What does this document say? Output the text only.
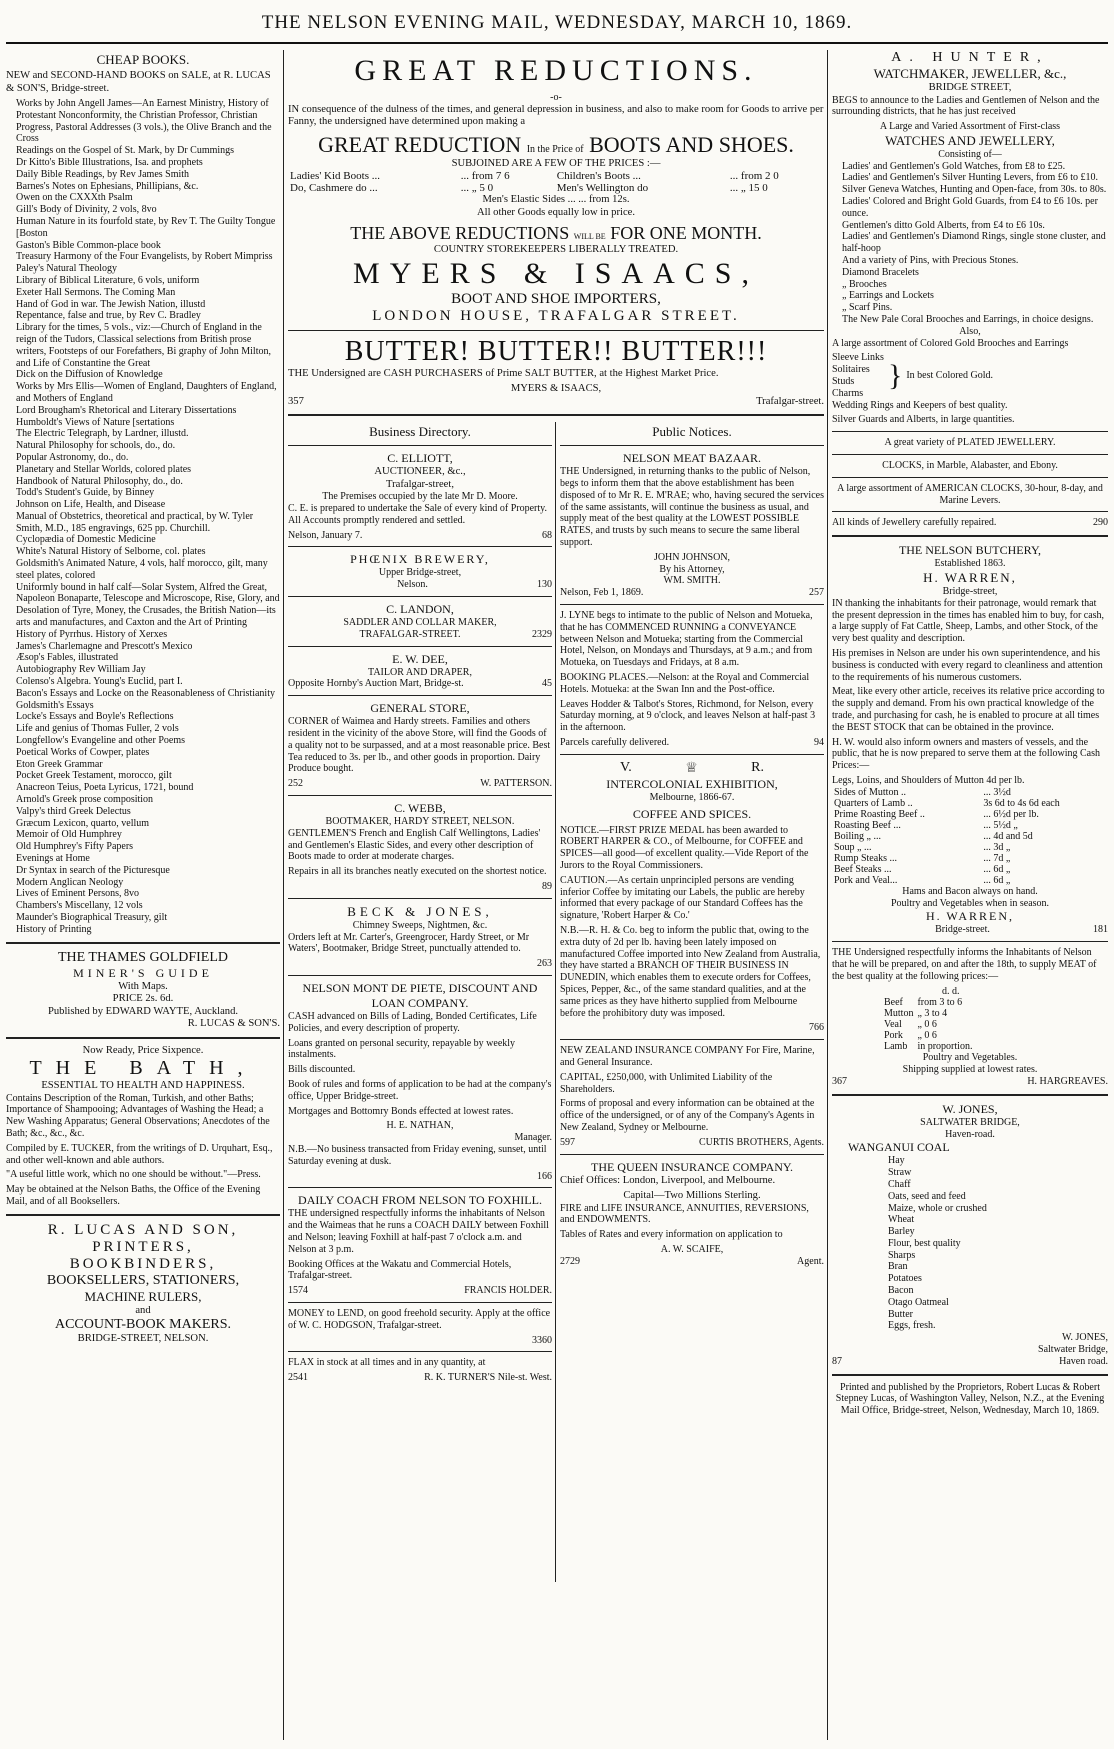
THE NELSON EVENING MAIL, WEDNESDAY, MARCH 10, 1869.
CHEAP BOOKS.

NEW and SECOND-HAND BOOKS on SALE, at R. LUCAS & SON'S, Bridge-street.

Works by John Angell James—An Earnest Ministry, History of Protestant Nonconformity, the Christian Professor, Christian Progress, Pastoral Addresses (3 vols.), the Olive Branch and the Cross
Readings on the Gospel of St. Mark, by Dr Cummings
Dr Kitto's Bible Illustrations, Isa. and prophets
Daily Bible Readings, by Rev James Smith
Barnes's Notes on Ephesians, Phillipians, &c.
Owen on the CXXXth Psalm
Gill's Body of Divinity, 2 vols, 8vo
Human Nature in its fourfold state, by Rev T. The Guilty Tongue [Boston
Gaston's Bible Common-place book
Treasury Harmony of the Four Evangelists, by Robert Mimpriss
Paley's Natural Theology
Library of Biblical Literature, 6 vols, uniform
Exeter Hall Sermons. The Coming Man
Hand of God in war. The Jewish Nation, illustd
Repentance, false and true, by Rev C. Bradley
Library for the times, 5 vols., viz:—Church of England in the reign of the Tudors, Classical selections from British prose writers, Footsteps of our Forefathers, Bi graphy of John Milton, and Life of Constantine the Great
Dick on the Diffusion of Knowledge
Works by Mrs Ellis—Women of England, Daughters of England, and Mothers of England
Lord Brougham's Rhetorical and Literary Dissertations
Humboldt's Views of Nature [sertations
The Electric Telegraph, by Lardner, illustd.
Natural Philosophy for schools, do., do.
Popular Astronomy, do., do.
Planetary and Stellar Worlds, colored plates
Handbook of Natural Philosophy, do., do.
Todd's Student's Guide, by Binney
Johnson on Life, Health, and Disease
Manual of Obstetrics, theoretical and practical, by W. Tyler Smith, M.D., 185 engravings, 625 pp. Churchill.
Cyclopædia of Domestic Medicine
White's Natural History of Selborne, col. plates
Goldsmith's Animated Nature, 4 vols, half morocco, gilt, many steel plates, colored
Uniformly bound in half calf—Solar System, Alfred the Great, Napoleon Bonaparte, Telescope and Microscope, Rise, Glory, and Desolation of Tyre, Money, the Crusades, the British Nation—its arts and manufactures, and Caxton and the Art of Printing
History of Pyrrhus. History of Xerxes
James's Charlemagne and Prescott's Mexico
Æsop's Fables, illustrated
Autobiography Rev William Jay
Colenso's Algebra. Young's Euclid, part I.
Bacon's Essays and Locke on the Reasonableness of Christianity
Goldsmith's Essays
Locke's Essays and Boyle's Reflections
Life and genius of Thomas Fuller, 2 vols
Longfellow's Evangeline and other Poems
Poetical Works of Cowper, plates
Eton Greek Grammar
Pocket Greek Testament, morocco, gilt
Anacreon Teius, Poeta Lyricus, 1721, bound
Arnold's Greek prose composition
Valpy's third Greek Delectus
Græcum Lexicon, quarto, vellum
Memoir of Old Humphrey
Old Humphrey's Fifty Papers
Evenings at Home
Dr Syntax in search of the Picturesque
Modern Anglican Neology
Lives of Eminent Persons, 8vo
Chambers's Miscellany, 12 vols
Maunder's Biographical Treasury, gilt
History of Printing
THE THAMES GOLDFIELD
MINER'S GUIDE
With Maps.
PRICE 2s. 6d.
Published by EDWARD WAYTE, Auckland.
R. LUCAS & SON'S.
Now Ready, Price Sixpence.
THE BATH,
ESSENTIAL TO HEALTH AND HAPPINESS.

Contains Description of the Roman, Turkish, and other Baths; Importance of Shampooing; Advantages of Washing the Head; a New Washing Apparatus; General Observations; Anecdotes of the Bath; &c., &c., &c.

Compiled by E. TUCKER, from the writings of D. Urquhart, Esq., and other well-known and able authors.

"A useful little work, which no one should be without."—Press.

May be obtained at the Nelson Baths, the Office of the Evening Mail, and of all Booksellers.

R. LUCAS AND SON,
PRINTERS,
BOOKBINDERS,
BOOKSELLERS, STATIONERS,
MACHINE RULERS,
and
ACCOUNT-BOOK MAKERS.
BRIDGE-STREET, NELSON.
GREAT REDUCTIONS.
-o-

IN consequence of the dulness of the times, and general depression in business, and also to make room for Goods to arrive per Fanny, the undersigned have determined upon making a

GREAT REDUCTION In the Price of BOOTS AND SHOES.
SUBJOINED ARE A FEW OF THE PRICES :—
Ladies' Kid Boots ...	... from 7 6	Children's Boots ...	... from 2 0
Do, Cashmere do ...	... „ 5 0	Men's Wellington do	... „ 15 0
Men's Elastic Sides ... ... from 12s.
All other Goods equally low in price.
THE ABOVE REDUCTIONS WILL BE FOR ONE MONTH.
COUNTRY STOREKEEPERS LIBERALLY TREATED.
MYERS & ISAACS,
BOOT AND SHOE IMPORTERS,
LONDON HOUSE, TRAFALGAR STREET.
BUTTER! BUTTER!! BUTTER!!!

THE Undersigned are CASH PURCHASERS of Prime SALT BUTTER, at the Highest Market Price.

MYERS & ISAACS,
357	Trafalgar-street.
Business Directory.
C. ELLIOTT,
AUCTIONEER, &c.,
Trafalgar-street,
The Premises occupied by the late Mr D. Moore.

C. E. is prepared to undertake the Sale of every kind of Property. All Accounts promptly rendered and settled.

Nelson, January 7.	68
PHŒNIX BREWERY,
Upper Bridge-street,
Nelson.	130
C. LANDON,
SADDLER AND COLLAR MAKER,
TRAFALGAR-STREET.	2329
E. W. DEE,
TAILOR AND DRAPER,
Opposite Hornby's Auction Mart, Bridge-st.	45
GENERAL STORE,

CORNER of Waimea and Hardy streets. Families and others resident in the vicinity of the above Store, will find the Goods of a quality not to be surpassed, and at a most reasonable price. Best Tea reduced to 3s. per lb., and other goods in proportion. Dairy Produce bought.

252	W. PATTERSON.
C. WEBB,
BOOTMAKER, HARDY STREET, NELSON.

GENTLEMEN'S French and English Calf Wellingtons, Ladies' and Gentlemen's Elastic Sides, and every other description of Boots made to order at moderate charges.

Repairs in all its branches neatly executed on the shortest notice.

89
BECK & JONES,
Chimney Sweeps, Nightmen, &c.

Orders left at Mr. Carter's, Greengrocer, Hardy Street, or Mr Waters', Bootmaker, Bridge Street, punctually attended to.

263
NELSON MONT DE PIETE, DISCOUNT AND LOAN COMPANY.

CASH advanced on Bills of Lading, Bonded Certificates, Life Policies, and every description of property.

Loans granted on personal security, repayable by weekly instalments.

Bills discounted.

Book of rules and forms of application to be had at the company's office, Upper Bridge-street.

Mortgages and Bottomry Bonds effected at lowest rates.

H. E. NATHAN,
Manager.

N.B.—No business transacted from Friday evening, sunset, until Saturday evening at dusk.

166
DAILY COACH FROM NELSON TO FOXHILL.

THE undersigned respectfully informs the inhabitants of Nelson and the Waimeas that he runs a COACH DAILY between Foxhill and Nelson; leaving Foxhill at half-past 7 o'clock a.m. and Nelson at 3 p.m.

Booking Offices at the Wakatu and Commercial Hotels, Trafalgar-street.

1574	FRANCIS HOLDER.

MONEY to LEND, on good freehold security. Apply at the office of W. C. HODGSON, Trafalgar-street.

3360

FLAX in stock at all times and in any quantity, at

2541	R. K. TURNER'S Nile-st. West.
Public Notices.
NELSON MEAT BAZAAR.

THE Undersigned, in returning thanks to the public of Nelson, begs to inform them that the above establishment has been disposed of to Mr R. E. M'RAE; who, having secured the services of the same assistants, will continue the business as usual, and supply meat of the best quality at the LOWEST POSSIBLE RATES, and trusts by such means to secure the same liberal support.

JOHN JOHNSON,
By his Attorney,
WM. SMITH.
Nelson, Feb 1, 1869.	257

J. LYNE begs to intimate to the public of Nelson and Motueka, that he has COMMENCED RUNNING a CONVEYANCE between Nelson and Motueka; starting from the Commercial Hotel, Nelson, on Mondays and Thursdays, at 9 a.m.; and from Motueka, on Tuesdays and Fridays, at 8 a.m.

BOOKING PLACES.—Nelson: at the Royal and Commercial Hotels. Motueka: at the Swan Inn and the Post-office.

Leaves Hodder & Talbot's Stores, Richmond, for Nelson, every Saturday morning, at 9 o'clock, and leaves Nelson at half-past 3 in the afternoon.

Parcels carefully delivered.	94
V.	♕	R.
INTERCOLONIAL EXHIBITION,
Melbourne, 1866-67.
COFFEE AND SPICES.

NOTICE.—FIRST PRIZE MEDAL has been awarded to ROBERT HARPER & CO., of Melbourne, for COFFEE and SPICES—all good—of excellent quality.—Vide Report of the Jurors to the Royal Commissioners.

CAUTION.—As certain unprincipled persons are vending inferior Coffee by imitating our Labels, the public are hereby informed that every package of our Standard Coffees has the signature, 'Robert Harper & Co.'

N.B.—R. H. & Co. beg to inform the public that, owing to the extra duty of 2d per lb. having been lately imposed on manufactured Coffee imported into New Zealand from Australia, they have started a BRANCH OF THEIR BUSINESS IN DUNEDIN, which enables them to execute orders for Coffees, Spices, Pepper, &c., of the same standard qualities, and at the same prices as they have hitherto supplied from Melbourne before the prohibitory duty was imposed.

766

NEW ZEALAND INSURANCE COMPANY For Fire, Marine, and General Insurance.

CAPITAL, £250,000, with Unlimited Liability of the Shareholders.

Forms of proposal and every information can be obtained at the office of the undersigned, or of any of the Company's Agents in New Zealand, Sydney or Melbourne.

597	CURTIS BROTHERS, Agents.
THE QUEEN INSURANCE COMPANY.

Chief Offices: London, Liverpool, and Melbourne.

Capital—Two Millions Sterling.

FIRE and LIFE INSURANCE, ANNUITIES, REVERSIONS, and ENDOWMENTS.

Tables of Rates and every information on application to

A. W. SCAIFE,
2729	Agent.
A. HUNTER,
WATCHMAKER, JEWELLER, &c.,
BRIDGE STREET,

BEGS to announce to the Ladies and Gentlemen of Nelson and the surrounding districts, that he has just received

A Large and Varied Assortment of First-class
WATCHES AND JEWELLERY,
Consisting of—
Ladies' and Gentlemen's Gold Watches, from £8 to £25.
Ladies' and Gentlemen's Silver Hunting Levers, from £6 to £10.
Silver Geneva Watches, Hunting and Open-face, from 30s. to 80s.
Ladies' Colored and Bright Gold Guards, from £4 to £6 10s. per ounce.
Gentlemen's ditto Gold Alberts, from £4 to £6 10s.
Ladies' and Gentlemen's Diamond Rings, single stone cluster, and half-hoop
And a variety of Pins, with Precious Stones.
Diamond Bracelets
„ Brooches
„ Earrings and Lockets
„ Scarf Pins.
The New Pale Coral Brooches and Earrings, in choice designs.
Also,

A large assortment of Colored Gold Brooches and Earrings

Sleeve Links
Solitaires
Studs
Charms
} In best Colored Gold.

Wedding Rings and Keepers of best quality.

Silver Guards and Alberts, in large quantities.

A great variety of PLATED JEWELLERY.
CLOCKS, in Marble, Alabaster, and Ebony.

A large assortment of AMERICAN CLOCKS, 30-hour, 8-day, and Marine Levers.

All kinds of Jewellery carefully repaired.	290
THE NELSON BUTCHERY,
Established 1863.
H. WARREN,
Bridge-street,

IN thanking the inhabitants for their patronage, would remark that the present depression in the times has enabled him to buy, for cash, a large supply of Fat Cattle, Sheep, Lambs, and other Stock, of the very best quality and description.

His premises in Nelson are under his own superintendence, and his business is conducted with every regard to cleanliness and attention to the requirements of his numerous customers.

Meat, like every other article, receives its relative price according to the supply and demand. From his own practical knowledge of the trade, and purchasing for cash, he is enabled to procure at all times the BEST STOCK that can be obtained in the province.

H. W. would also inform owners and masters of vessels, and the public, that he is now prepared to serve them at the following Cash Prices:—

Legs, Loins, and Shoulders of Mutton 4d per lb.
Sides of Mutton ..	... 3½d
Quarters of Lamb ..	3s 6d to 4s 6d each
Prime Roasting Beef ..	... 6½d per lb.
Roasting Beef ...	... 5½d „
Boiling „ ...	... 4d and 5d
Soup „ ...	... 3d „
Rump Steaks ...	... 7d „
Beef Steaks ...	... 6d „
Pork and Veal...	... 6d „
Hams and Bacon always on hand.
Poultry and Vegetables when in season.
H. WARREN,
Bridge-street.	181

THE Undersigned respectfully informs the Inhabitants of Nelson that he will be prepared, on and after the 18th, to supply MEAT of the best quality at the following prices:—

d. d.
Beef	from 3 to 6
Mutton	„ 3 to 4
Veal	„ 0 6
Pork	„ 0 6
Lamb	in proportion.
Poultry and Vegetables.
Shipping supplied at lowest rates.
367	H. HARGREAVES.
W. JONES,
SALTWATER BRIDGE,
Haven-road.
WANGANUI COAL
Hay
Straw
Chaff
Oats, seed and feed
Maize, whole or crushed
Wheat
Barley
Flour, best quality
Sharps
Bran
Potatoes
Bacon
Otago Oatmeal
Butter
Eggs, fresh.
W. JONES,
Saltwater Bridge,
87	Haven road.

Printed and published by the Proprietors, Robert Lucas & Robert Stepney Lucas, of Washington Valley, Nelson, N.Z., at the Evening Mail Office, Bridge-street, Nelson, Wednesday, March 10, 1869.
